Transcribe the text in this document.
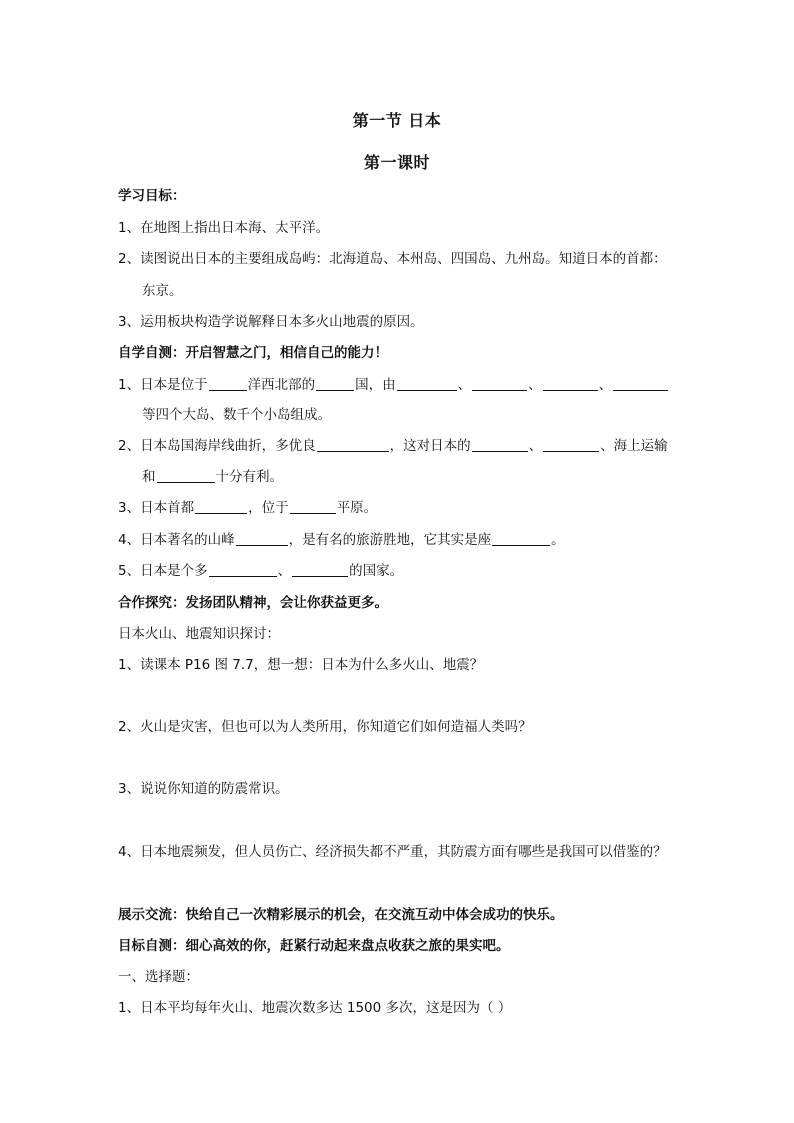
第一节 日本
第一课时
学习目标：
1、在地图上指出日本海、太平洋。
2、读图说出日本的主要组成岛屿：北海道岛、本州岛、四国岛、九州岛。知道日本的首都：
东京。
3、运用板块构造学说解释日本多火山地震的原因。
自学自测：开启智慧之门，相信自己的能力！
1、日本是位于	洋西北部的	国，由	、	、	、
等四个大岛、数千个小岛组成。
2、日本岛国海岸线曲折，多优良	，这对日本的	、	、海上运输
和	十分有利。
3、日本首都	，位于	平原。
4、日本著名的山峰	，是有名的旅游胜地，它其实是座	。
5、日本是个多	、	的国家。
合作探究：发扬团队精神，会让你获益更多。
日本火山、地震知识探讨：
1、读课本 P16 图 7.7，想一想：日本为什么多火山、地震？
2、火山是灾害，但也可以为人类所用，你知道它们如何造福人类吗？
3、说说你知道的防震常识。
4、日本地震频发，但人员伤亡、经济损失都不严重，其防震方面有哪些是我国可以借鉴的？
展示交流：快给自己一次精彩展示的机会，在交流互动中体会成功的快乐。
目标自测：细心高效的你，赶紧行动起来盘点收获之旅的果实吧。
一、选择题：
1、日本平均每年火山、地震次数多达 1500 多次，这是因为（ ）
